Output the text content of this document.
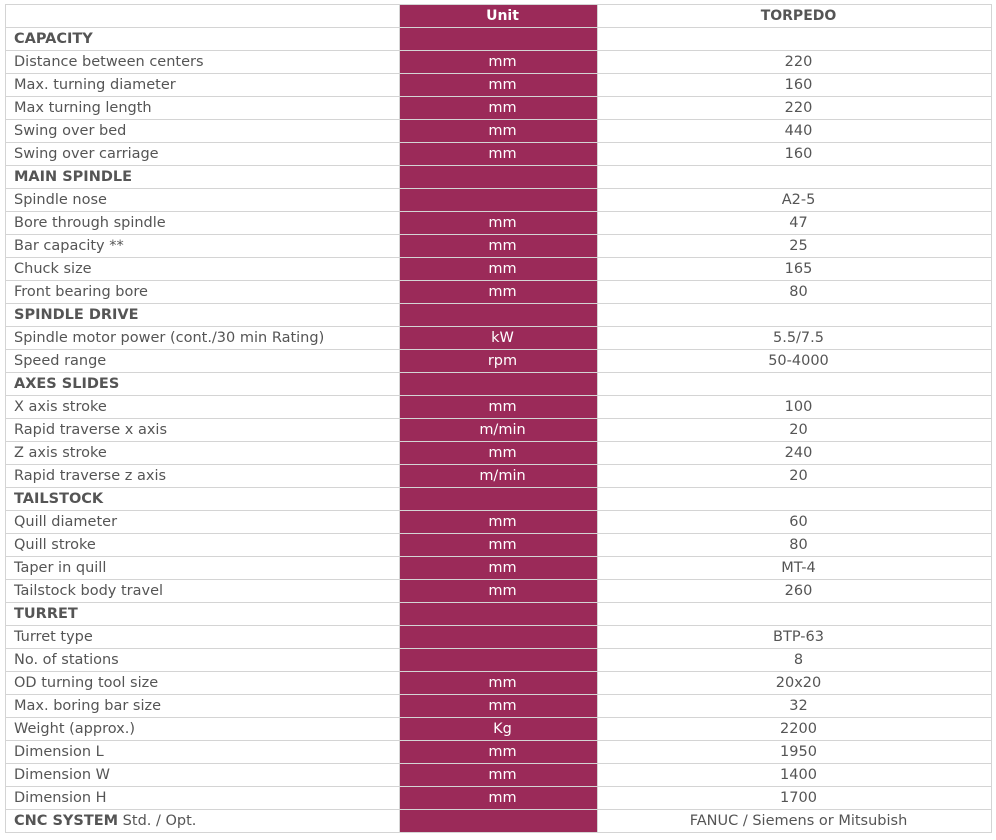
	Unit	TORPEDO
CAPACITY		
Distance between centers	mm	220
Max. turning diameter	mm	160
Max turning length	mm	220
Swing over bed	mm	440
Swing over carriage	mm	160
MAIN SPINDLE		
Spindle nose		A2-5
Bore through spindle	mm	47
Bar capacity **	mm	25
Chuck size	mm	165
Front bearing bore	mm	80
SPINDLE DRIVE		
Spindle motor power (cont./30 min Rating)	kW	5.5/7.5
Speed range	rpm	50-4000
AXES SLIDES		
X axis stroke	mm	100
Rapid traverse x axis	m/min	20
Z axis stroke	mm	240
Rapid traverse z axis	m/min	20
TAILSTOCK		
Quill diameter	mm	60
Quill stroke	mm	80
Taper in quill	mm	MT-4
Tailstock body travel	mm	260
TURRET		
Turret type		BTP-63
No. of stations		8
OD turning tool size	mm	20x20
Max. boring bar size	mm	32
Weight (approx.)	Kg	2200
Dimension L	mm	1950
Dimension W	mm	1400
Dimension H	mm	1700
CNC SYSTEM Std. / Opt.		FANUC / Siemens or Mitsubish
